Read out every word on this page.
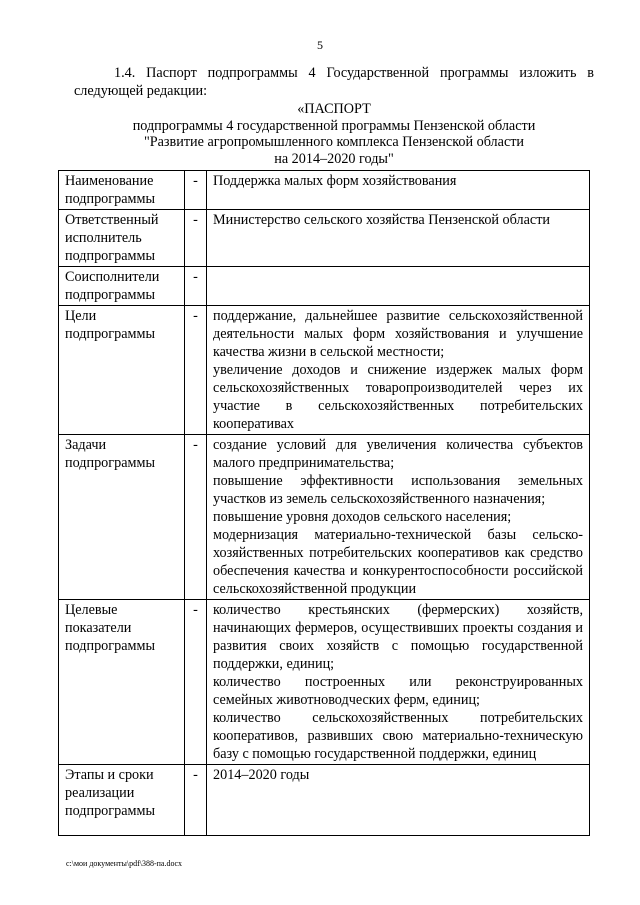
5
1.4. Паспорт подпрограммы 4 Государственной программы изложить в следующей редакции:
«ПАСПОРТ
подпрограммы 4 государственной программы Пензенской области
"Развитие агропромышленного комплекса Пензенской области
на 2014–2020 годы"
Наименование подпрограммы	-	Поддержка малых форм хозяйствования

Ответственный исполнитель подпрограммы	-	Министерство сельского хозяйства Пензенской области

Соисполнители подпрограммы	-	
Цели подпрограммы	-	поддержание, дальнейшее развитие сельскохозяйственной деятельности малых форм хозяйствования и улучшение качества жизни в сельской местности;

увеличение доходов и снижение издержек малых форм сельскохозяйственных товаропроизводителей через их участие в сельскохозяйственных потребительских кооперативах

Задачи подпрограммы	-	создание условий для увеличения количества субъектов малого предпринимательства;

повышение эффективности использования земельных участков из земель сельскохозяйственного назначения;

повышение уровня доходов сельского населения;

модернизация материально-технической базы сельско-хозяйственных потребительских кооперативов как средство обеспечения качества и конкурентоспособности российской сельскохозяйственной продукции

Целевые показатели подпрограммы	-	количество крестьянских (фермерских) хозяйств, начинающих фермеров, осуществивших проекты создания и развития своих хозяйств с помощью государственной поддержки, единиц;

количество построенных или реконструированных семейных животноводческих ферм, единиц;

количество сельскохозяйственных потребительских кооперативов, развивших свою материально-техническую базу с помощью государственной поддержки, единиц

Этапы и сроки реализации подпрограммы	-	2014–2020 годы

c:\мои документы\pdf\388-па.docx
